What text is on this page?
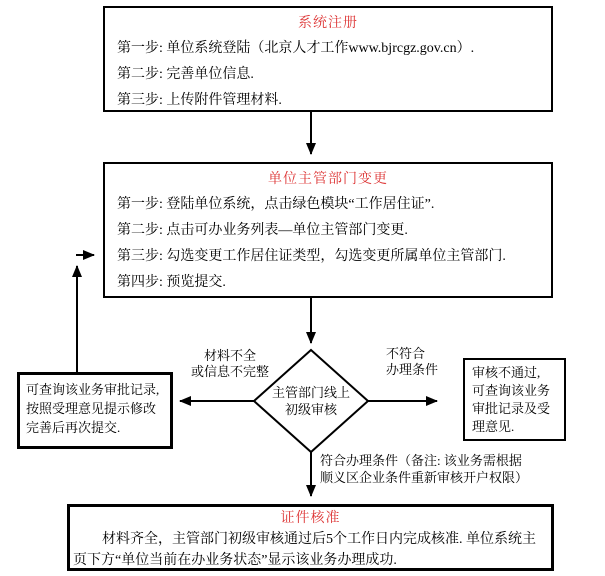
系统注册
第一步: 单位系统登陆（北京人才工作www.bjrcgz.gov.cn）.
第二步: 完善单位信息.
第三步: 上传附件管理材料.
单位主管部门变更
第一步: 登陆单位系统，点击绿色模块“工作居住证”.
第二步: 点击可办业务列表—单位主管部门变更.
第三步: 勾选变更工作居住证类型，勾选变更所属单位主管部门.
第四步: 预览提交.
主管部门线上
初级审核
材料不全
或信息不完整
不符合
办理条件
符合办理条件（备注: 该业务需根据
顺义区企业条件重新审核开户权限）
可查询该业务审批记录,
按照受理意见提示修改
完善后再次提交.
审核不通过,
可查询该业务
审批记录及受
理意见.
证件核准
材料齐全，主管部门初级审核通过后5个工作日内完成核准. 单位系统主
页下方“单位当前在办业务状态”显示该业务办理成功.
